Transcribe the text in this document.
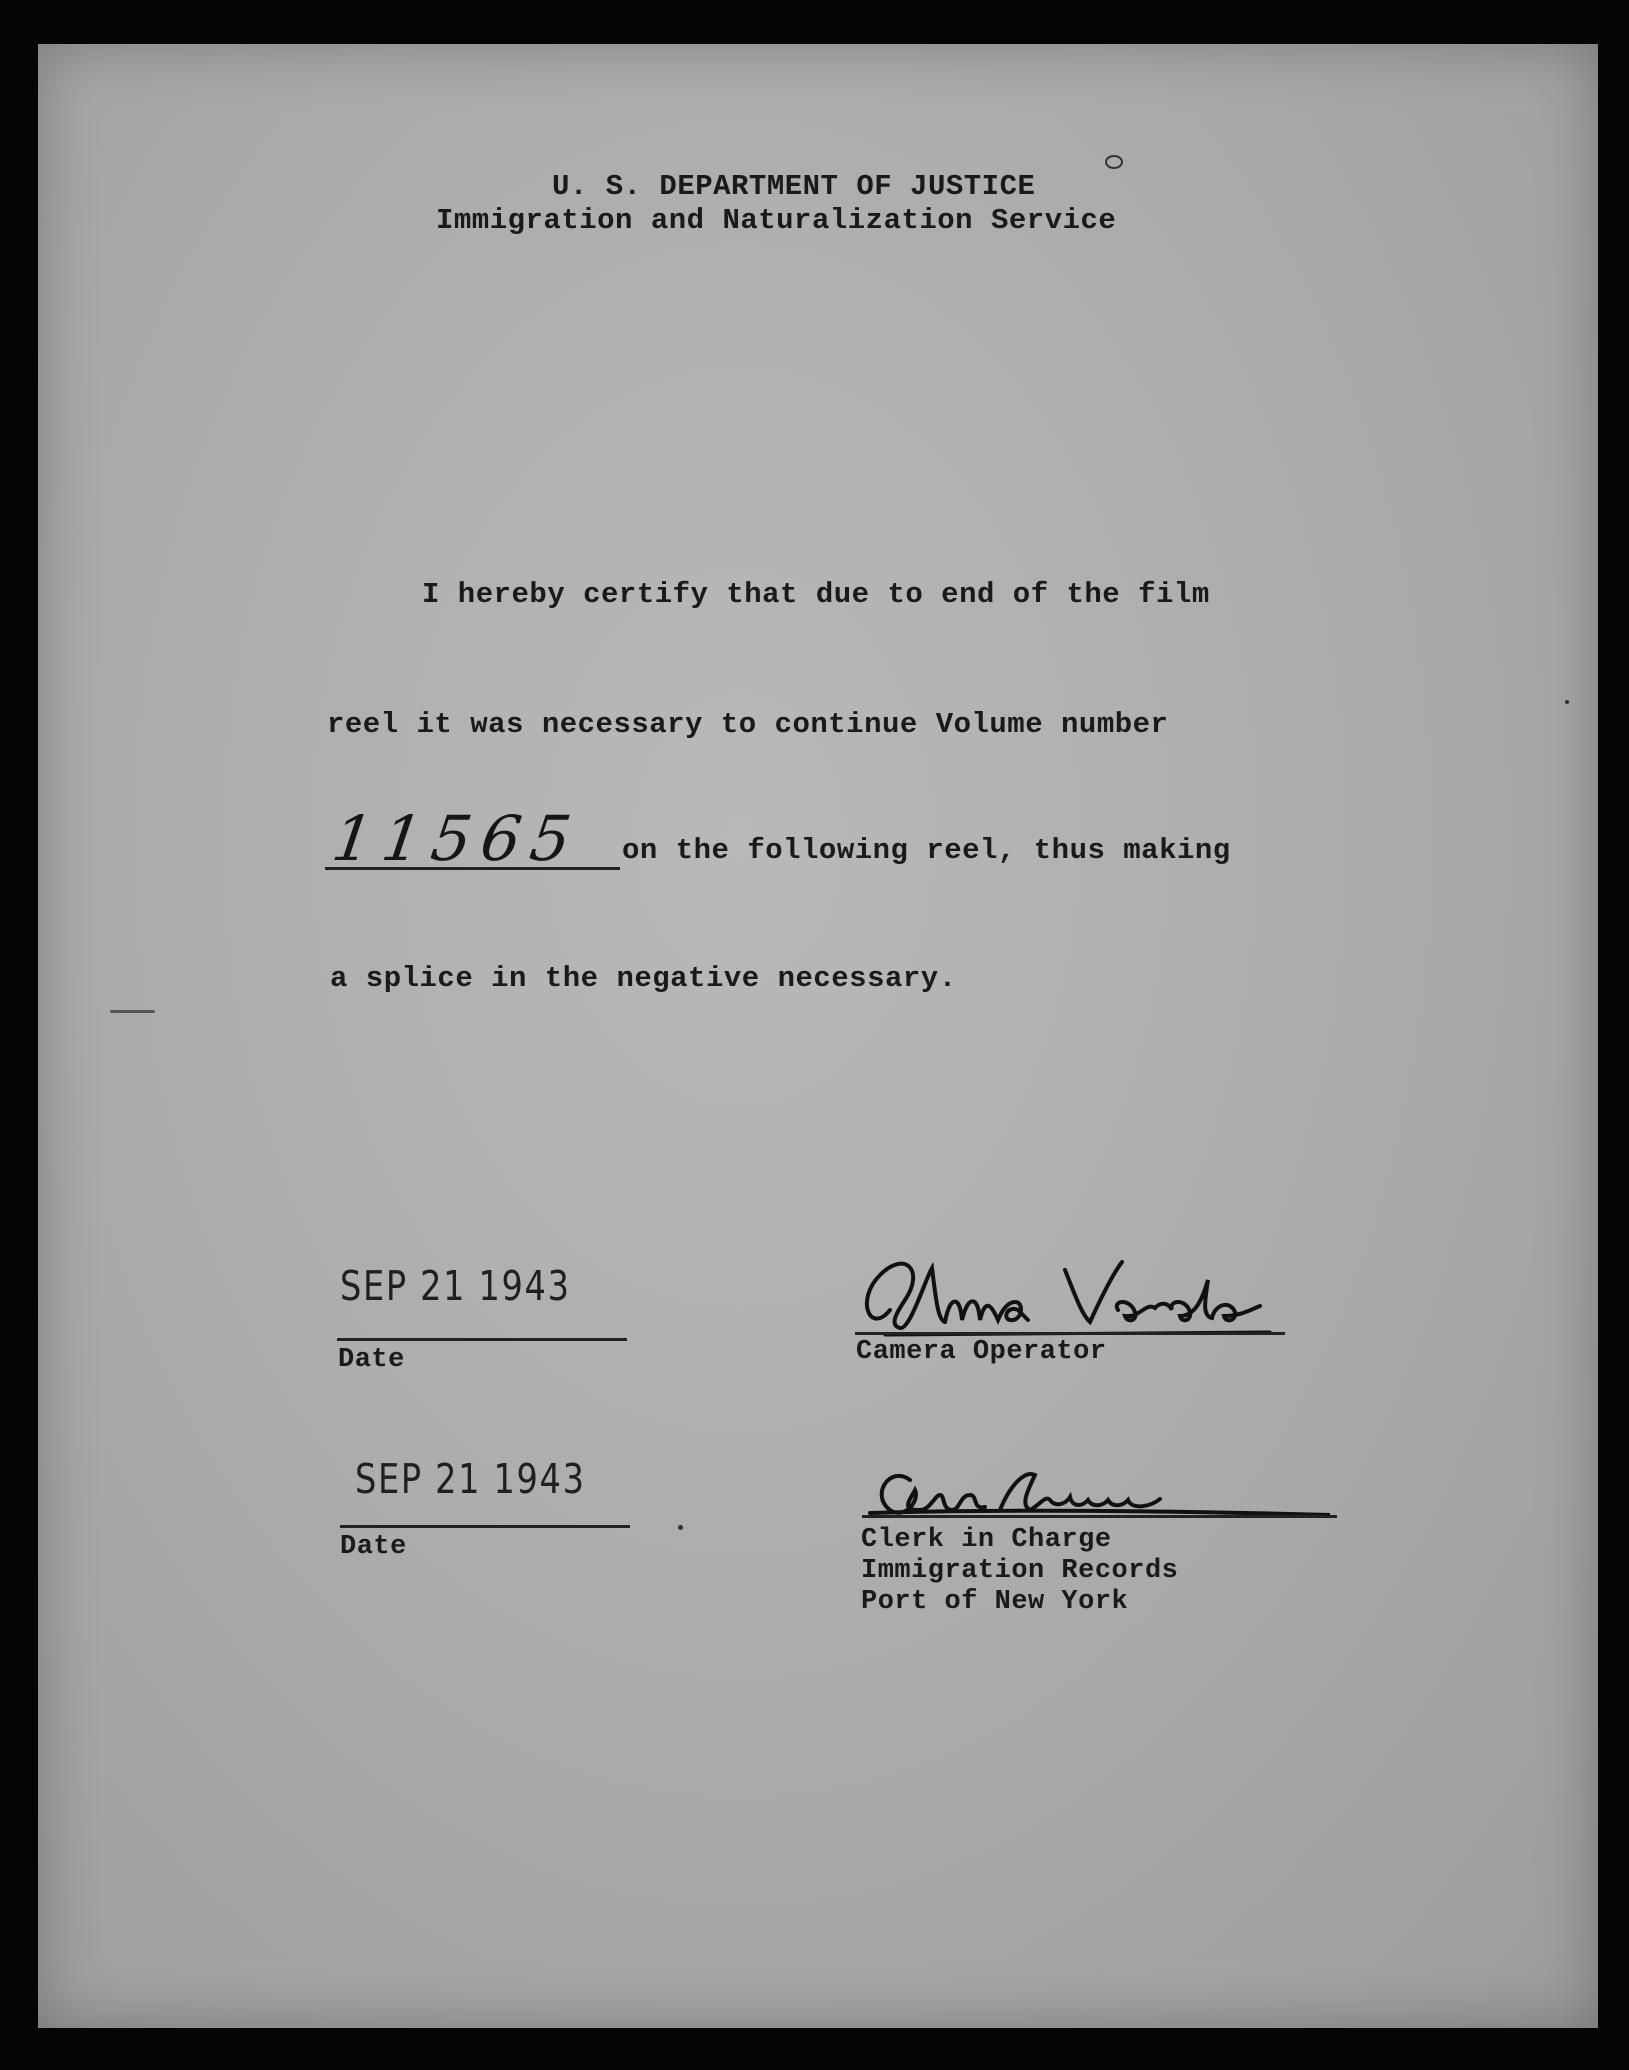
U. S. DEPARTMENT OF JUSTICE
Immigration and Naturalization Service
I hereby certify that due to end of the film
reel it was necessary to continue Volume number
11565 on the following reel, thus making
a splice in the negative necessary.
SEP 21 1943
Date	Camera Operator
SEP 21 1943
Date	Clerk in Charge
Immigration Records
Port of New York
